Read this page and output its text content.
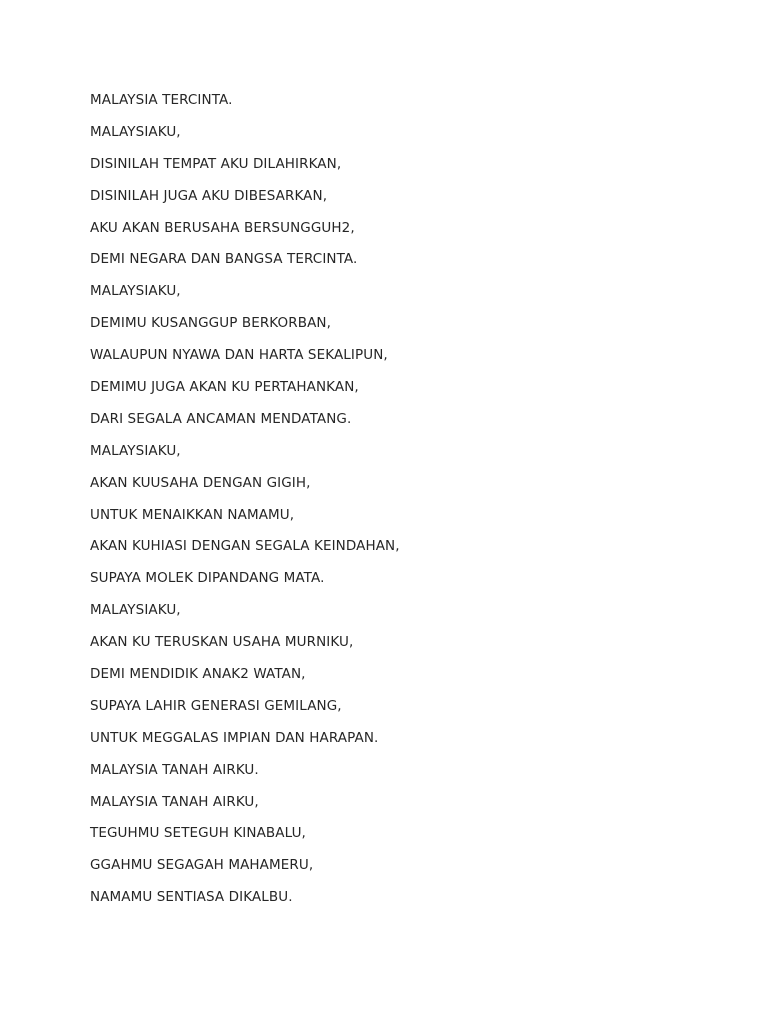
MALAYSIA TERCINTA.
MALAYSIAKU,
DISINILAH TEMPAT AKU DILAHIRKAN,
DISINILAH JUGA AKU DIBESARKAN,
AKU AKAN BERUSAHA BERSUNGGUH2,
DEMI NEGARA DAN BANGSA TERCINTA.
MALAYSIAKU,
DEMIMU KUSANGGUP BERKORBAN,
WALAUPUN NYAWA DAN HARTA SEKALIPUN,
DEMIMU JUGA AKAN KU PERTAHANKAN,
DARI SEGALA ANCAMAN MENDATANG.
MALAYSIAKU,
AKAN KUUSAHA DENGAN GIGIH,
UNTUK MENAIKKAN NAMAMU,
AKAN KUHIASI DENGAN SEGALA KEINDAHAN,
SUPAYA MOLEK DIPANDANG MATA.
MALAYSIAKU,
AKAN KU TERUSKAN USAHA MURNIKU,
DEMI MENDIDIK ANAK2 WATAN,
SUPAYA LAHIR GENERASI GEMILANG,
UNTUK MEGGALAS IMPIAN DAN HARAPAN.
MALAYSIA TANAH AIRKU.
MALAYSIA TANAH AIRKU,
TEGUHMU SETEGUH KINABALU,
GGAHMU SEGAGAH MAHAMERU,
NAMAMU SENTIASA DIKALBU.
